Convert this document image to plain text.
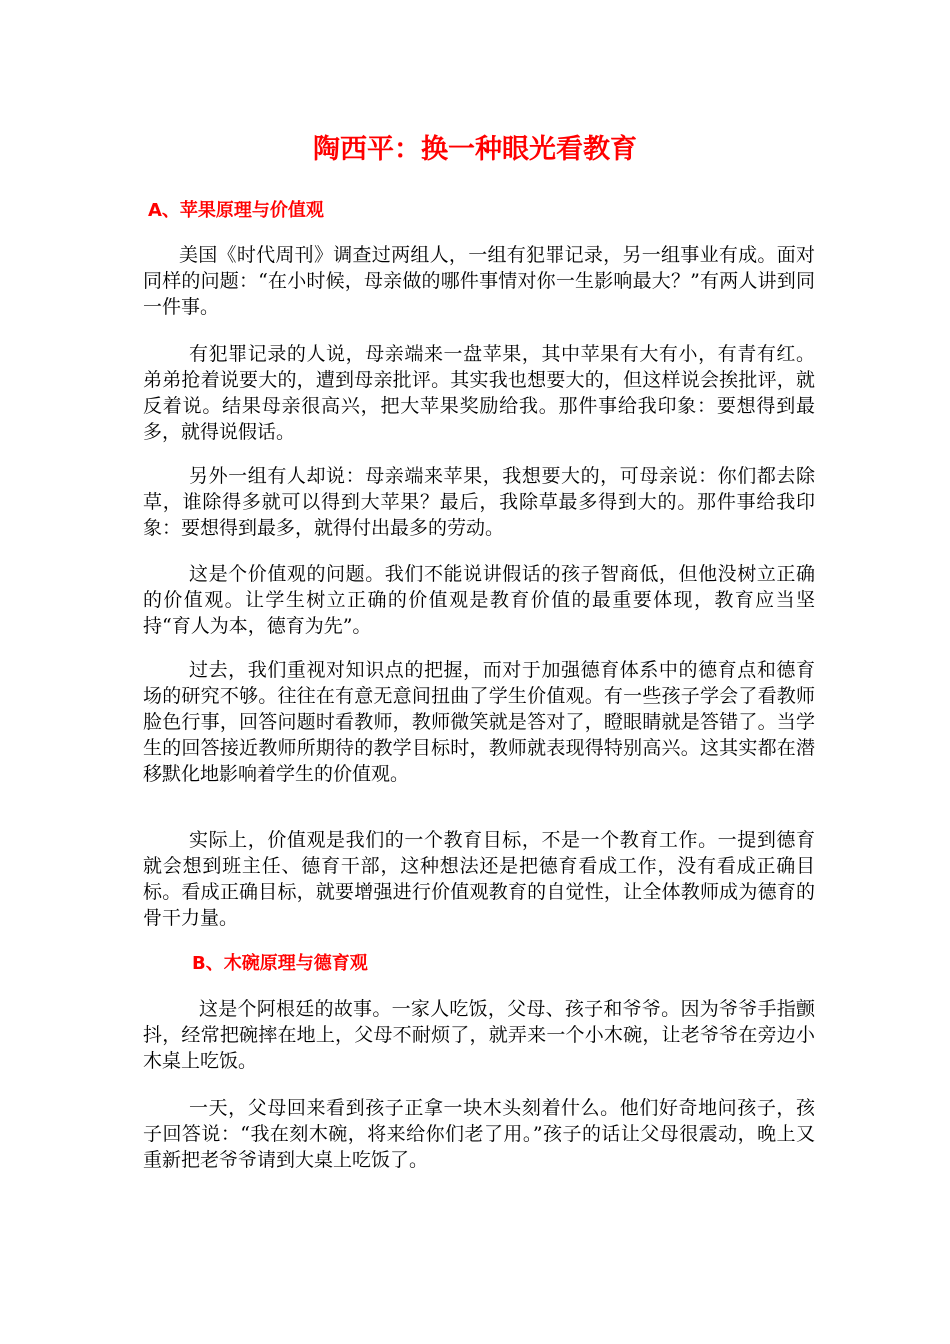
陶西平：换一种眼光看教育
A、苹果原理与价值观

美国《时代周刊》调查过两组人，一组有犯罪记录，另一组事业有成。面对同样的问题：“在小时候，母亲做的哪件事情对你一生影响最大？”有两人讲到同一件事。

有犯罪记录的人说，母亲端来一盘苹果，其中苹果有大有小，有青有红。弟弟抢着说要大的，遭到母亲批评。其实我也想要大的，但这样说会挨批评，就反着说。结果母亲很高兴，把大苹果奖励给我。那件事给我印象：要想得到最多，就得说假话。

另外一组有人却说：母亲端来苹果，我想要大的，可母亲说：你们都去除草，谁除得多就可以得到大苹果？最后，我除草最多得到大的。那件事给我印象：要想得到最多，就得付出最多的劳动。

这是个价值观的问题。我们不能说讲假话的孩子智商低，但他没树立正确的价值观。让学生树立正确的价值观是教育价值的最重要体现，教育应当坚持“育人为本，德育为先”。

过去，我们重视对知识点的把握，而对于加强德育体系中的德育点和德育场的研究不够。往往在有意无意间扭曲了学生价值观。有一些孩子学会了看教师脸色行事，回答问题时看教师，教师微笑就是答对了，瞪眼睛就是答错了。当学生的回答接近教师所期待的教学目标时，教师就表现得特别高兴。这其实都在潜移默化地影响着学生的价值观。

实际上，价值观是我们的一个教育目标，不是一个教育工作。一提到德育就会想到班主任、德育干部，这种想法还是把德育看成工作，没有看成正确目标。看成正确目标，就要增强进行价值观教育的自觉性，让全体教师成为德育的骨干力量。

B、木碗原理与德育观

这是个阿根廷的故事。一家人吃饭，父母、孩子和爷爷。因为爷爷手指颤抖，经常把碗摔在地上，父母不耐烦了，就弄来一个小木碗，让老爷爷在旁边小木桌上吃饭。

一天，父母回来看到孩子正拿一块木头刻着什么。他们好奇地问孩子，孩子回答说：“我在刻木碗，将来给你们老了用。”孩子的话让父母很震动，晚上又重新把老爷爷请到大桌上吃饭了。
